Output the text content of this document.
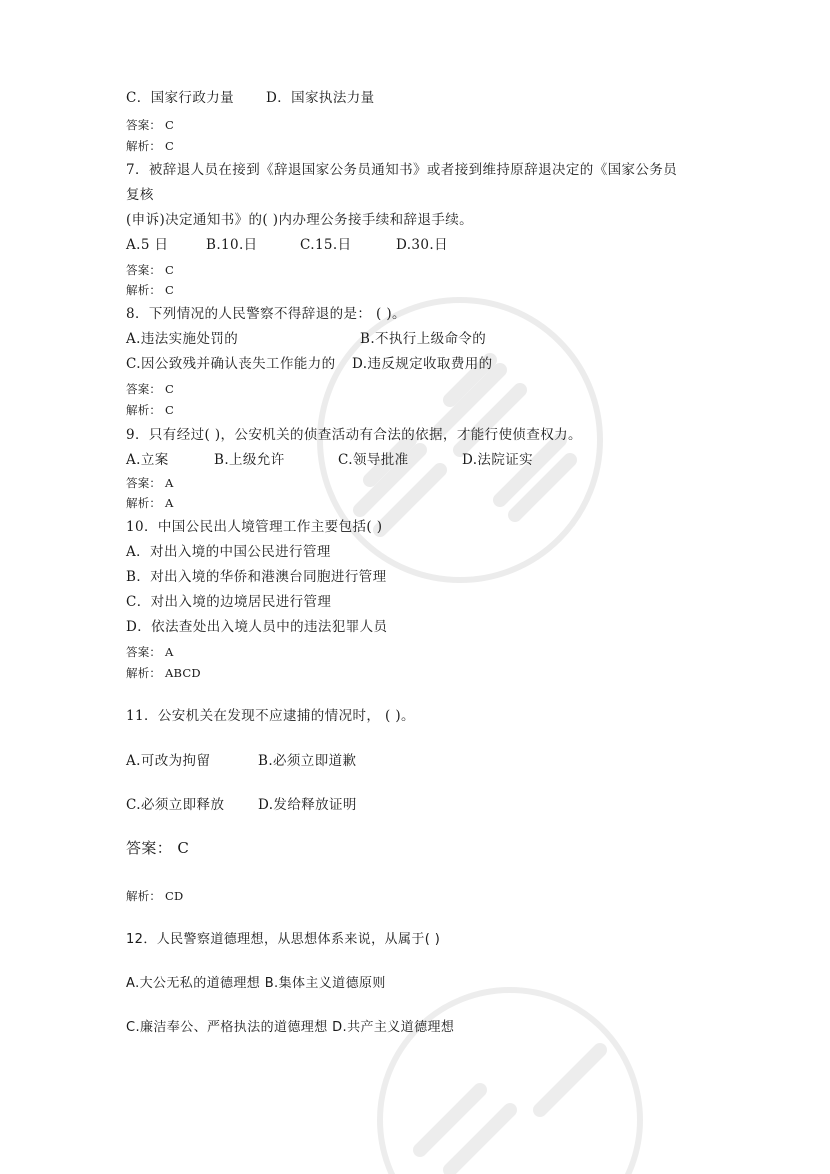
C．国家行政力量 D．国家执法力量
答案： C
解析： C
7．被辞退人员在接到《辞退国家公务员通知书》或者接到维持原辞退决定的《国家公务员
复核
(申诉)决定通知书》的( )内办理公务接手续和辞退手续。
A.5 日	B.10.日	C.15.日	D.30.日
答案： C
解析： C
8．下列情况的人民警察不得辞退的是： ( )。
A.违法实施处罚的	B.不执行上级命令的
C.因公致残并确认丧失工作能力的 D.违反规定收取费用的
答案： C
解析： C
9．只有经过( )，公安机关的侦查活动有合法的依据，才能行使侦查权力。
A.立案	B.上级允许	C.领导批准	D.法院证实
答案： A
解析： A
10．中国公民出人境管理工作主要包括( )
A．对出入境的中国公民进行管理
B．对出入境的华侨和港澳台同胞进行管理
C．对出入境的边境居民进行管理
D．依法查处出入境人员中的违法犯罪人员
答案： A
解析： ABCD
11．公安机关在发现不应逮捕的情况时， ( )。
A.可改为拘留	B.必须立即道歉
C.必须立即释放 D.发给释放证明
答案： C
解析： CD
12．人民警察道德理想，从思想体系来说，从属于( )
A.大公无私的道德理想 B.集体主义道德原则
C.廉洁奉公、严格执法的道德理想 D.共产主义道德理想
